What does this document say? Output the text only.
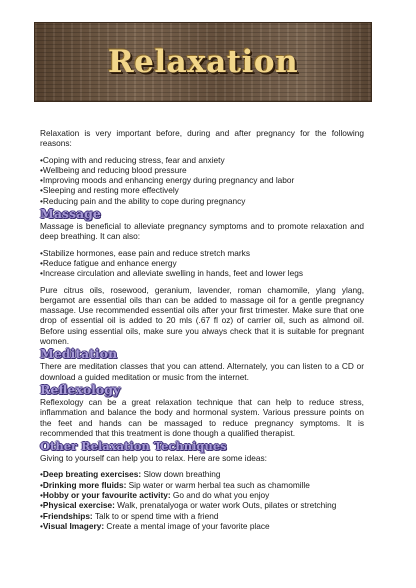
Relaxation

Relaxation is very important before, during and after pregnancy for the following reasons:

• Coping with and reducing stress, fear and anxiety
• Wellbeing and reducing blood pressure
• Improving moods and enhancing energy during pregnancy and labor
• Sleeping and resting more effectively
• Reducing pain and the ability to cope during pregnancy
Massage

Massage is beneficial to alleviate pregnancy symptoms and to promote relaxation and deep breathing. It can also:

• Stabilize hormones, ease pain and reduce stretch marks
• Reduce fatigue and enhance energy
• Increase circulation and alleviate swelling in hands, feet and lower legs

Pure citrus oils, rosewood, geranium, lavender, roman chamomile, ylang ylang, bergamot are essential oils than can be added to massage oil for a gentle pregnancy massage. Use recommended essential oils after your first trimester. Make sure that one drop of essential oil is added to 20 mls (.67 fl oz) of carrier oil, such as almond oil. Before using essential oils, make sure you always check that it is suitable for pregnant women.

Meditation

There are meditation classes that you can attend. Alternately, you can listen to a CD or download a guided meditation or music from the internet.

Reflexology

Reflexology can be a great relaxation technique that can help to reduce stress, inflammation and balance the body and hormonal system. Various pressure points on the feet and hands can be massaged to reduce pregnancy symptoms. It is recommended that this treatment is done though a qualified therapist.

Other Relaxation Techniques

Giving to yourself can help you to relax. Here are some ideas:

• Deep breating exercises: Slow down breathing
• Drinking more fluids: Sip water or warm herbal tea such as chamomille
• Hobby or your favourite activity: Go and do what you enjoy
• Physical exercise: Walk, prenatalyoga or water work Outs, pilates or stretching
• Friendships: Talk to or spend time with a friend
• Visual Imagery: Create a mental image of your favorite place
